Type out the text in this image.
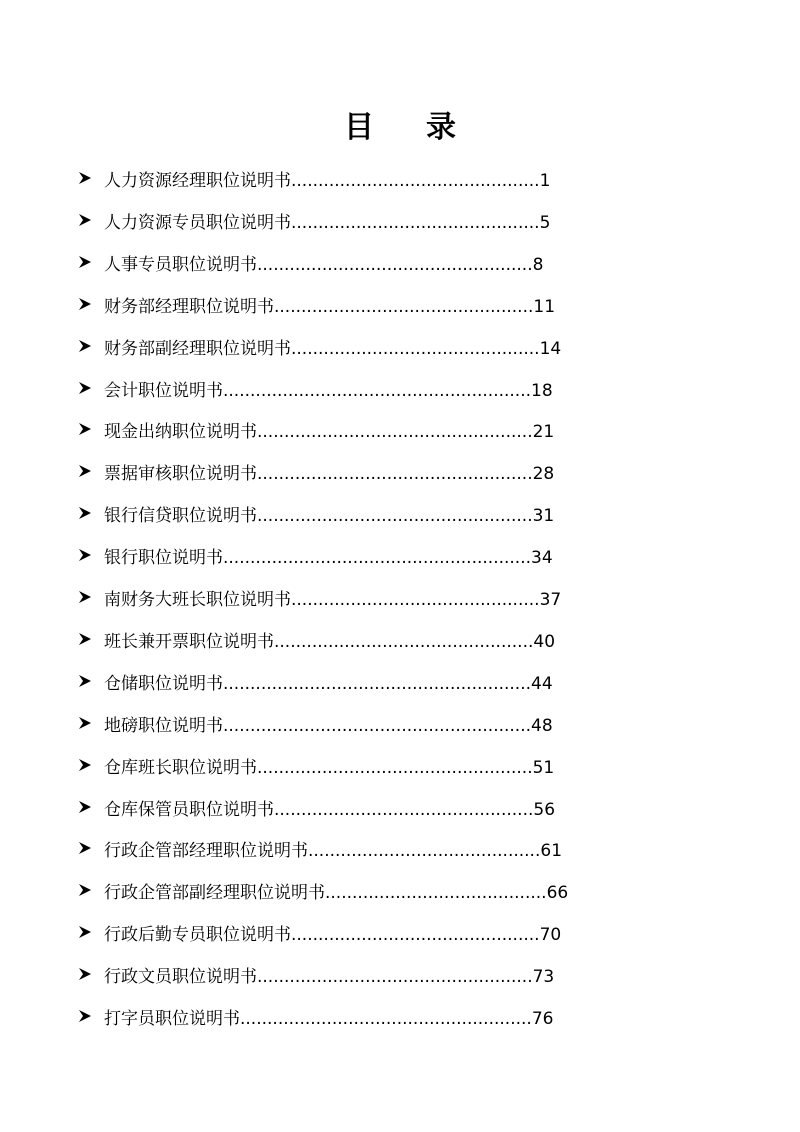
目 录
人力资源经理职位说明书..............................................1
人力资源专员职位说明书..............................................5
人事专员职位说明书...................................................8
财务部经理职位说明书................................................11
财务部副经理职位说明书..............................................14
会计职位说明书.........................................................18
现金出纳职位说明书...................................................21
票据审核职位说明书...................................................28
银行信贷职位说明书...................................................31
银行职位说明书.........................................................34
南财务大班长职位说明书..............................................37
班长兼开票职位说明书................................................40
仓储职位说明书.........................................................44
地磅职位说明书.........................................................48
仓库班长职位说明书...................................................51
仓库保管员职位说明书................................................56
行政企管部经理职位说明书...........................................61
行政企管部副经理职位说明书.........................................66
行政后勤专员职位说明书..............................................70
行政文员职位说明书...................................................73
打字员职位说明书......................................................76
